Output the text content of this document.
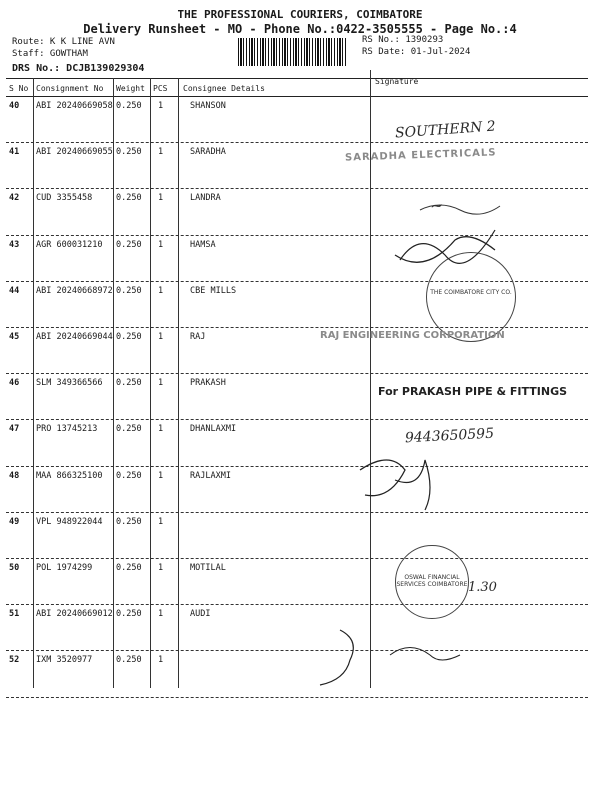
THE PROFESSIONAL COURIERS, COIMBATORE
Delivery Runsheet - MO - Phone No.:0422-3505555 - Page No.:4
Route: K K LINE AVN
Staff: GOWTHAM
DRS No.: DCJB139029304
RS No.: 1390293
RS Date: 01-Jul-2024
S No Consignment No Weight PCS Consignee Details
Signature
40 ABI 20240669058 0.250 1	SHANSON
41 ABI 20240669055 0.250 1	SARADHA
42 CUD 3355458	0.250 1	LANDRA
43 AGR 600031210 0.250 1	HAMSA
44 ABI 20240668972 0.250 1	CBE MILLS
45 ABI 20240669044 0.250 1	RAJ
46 SLM 349366566 0.250 1	PRAKASH
47 PRO 13745213 0.250 1	DHANLAXMI
48 MAA 866325100 0.250 1	RAJLAXMI
49 VPL 948922044 0.250 1
50 POL 1974299	0.250 1	MOTILAL
51 ABI 20240669012 0.250 1	AUDI
52 IXM 3520977	0.250 1
SOUTHERN 2
SARADHA ELECTRICALS
~
THE COIMBATORE CITY CO.
RAJ ENGINEERING CORPORATION
For PRAKASH PIPE & FITTINGS
9443650595
OSWAL FINANCIAL SERVICES COIMBATORE 1.30
